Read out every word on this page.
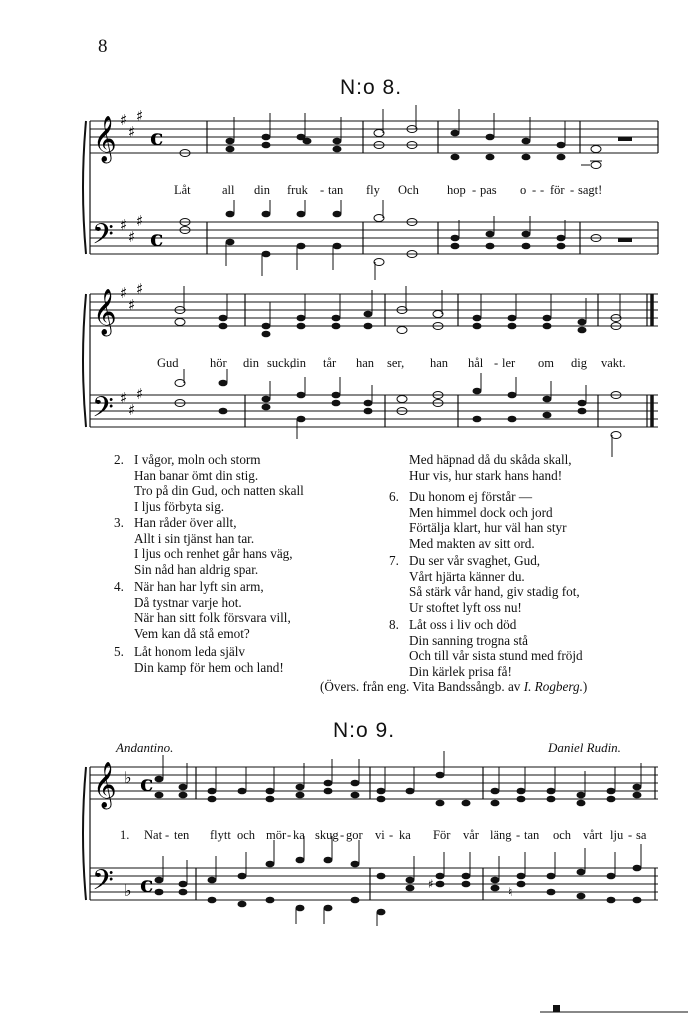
8
N:o 8.
𝄞
𝄢
♯
♯
♯
♯
♯
♯
c
c
𝄞
𝄢
♯
♯
♯
♯
♯
♯
𝄞
𝄢
♭
♭
c
c	♯
♮
Låt	all din fruk - tan fly Och hop - pas o - - för - sagt!
Gud	hör din suck,
din tår han ser, han hål - ler om dig vakt.
2. I vågor, moln och storm
Han banar ömt din stig.
Tro på din Gud, och natten skall
I ljus förbyta sig.
3. Han råder över allt,
Allt i sin tjänst han tar.
I ljus och renhet går hans väg,
Sin nåd han aldrig spar.
4. När han har lyft sin arm,
Då tystnar varje hot.
När han sitt folk försvara vill,
Vem kan då stå emot?
5. Låt honom leda själv
Din kamp för hem och land!
Med häpnad då du skåda skall,
Hur vis, hur stark hans hand!
6. Du honom ej förstår —
Men himmel dock och jord
Förtälja klart, hur väl han styr
Med makten av sitt ord.
7. Du ser vår svaghet, Gud,
Vårt hjärta känner du.
Så stärk vår hand, giv stadig fot,
Ur stoftet lyft oss nu!
8. Låt oss i liv och död
Din sanning trogna stå
Och till vår sista stund med fröjd
Din kärlek prisa få!
(Övers. från eng. Vita Bandssångb. av I. Rogberg.)
N:o 9.
Andantino.	Daniel Rudin.
1. Nat - ten flytt och mör - ka skug - gor vi - ka För vår läng - tan och vårt lju - sa
